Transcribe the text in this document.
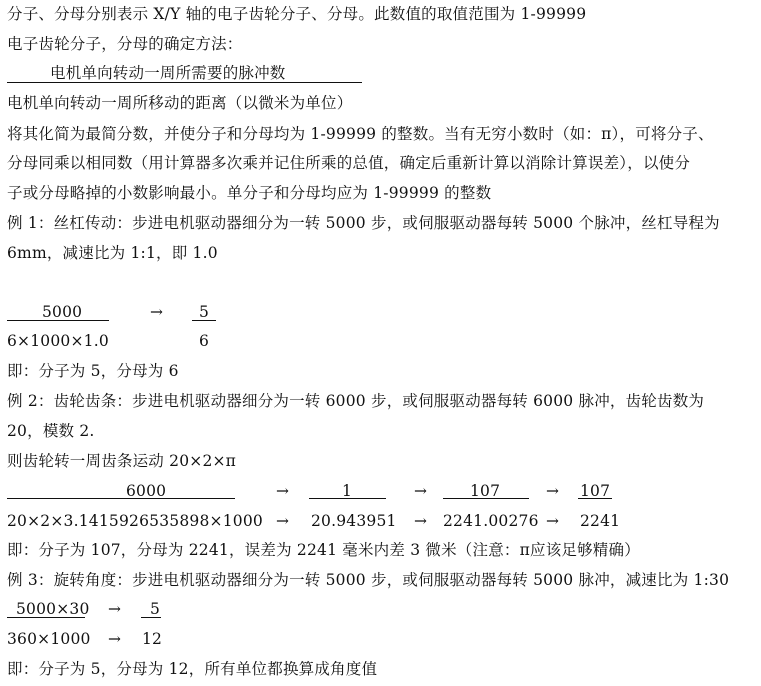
分子、分母分别表示 X/Y 轴的电子齿轮分子、分母。此数值的取值范围为 1-99999
电子齿轮分子，分母的确定方法：
电机单向转动一周所需要的脉冲数
电机单向转动一周所移动的距离（以微米为单位）
将其化简为最简分数，并使分子和分母均为 1-99999 的整数。当有无穷小数时（如：π），可将分子、
分母同乘以相同数（用计算器多次乘并记住所乘的总值，确定后重新计算以消除计算误差），以使分
子或分母略掉的小数影响最小。单分子和分母均应为 1-99999 的整数
例 1：丝杠传动：步进电机驱动器细分为一转 5000 步，或伺服驱动器每转 5000 个脉冲，丝杠导程为
6mm，减速比为 1:1，即 1.0
5000	→ 5
6×1000×1.0	6
即：分子为 5，分母为 6
例 2：齿轮齿条：步进电机驱动器细分为一转 6000 步，或伺服驱动器每转 6000 脉冲，齿轮齿数为
20，模数 2.
则齿轮转一周齿条运动 20×2×π
6000	→	1	→	107	→ 107
20×2×3.1415926535898×1000 → 20.943951 → 2241.00276 → 2241
即：分子为 107，分母为 2241，误差为 2241 毫米内差 3 微米（注意：π应该足够精确）
例 3：旋转角度：步进电机驱动器细分为一转 5000 步，或伺服驱动器每转 5000 脉冲，减速比为 1:30
5000×30 → 5
360×1000 → 12
即：分子为 5，分母为 12，所有单位都换算成角度值
